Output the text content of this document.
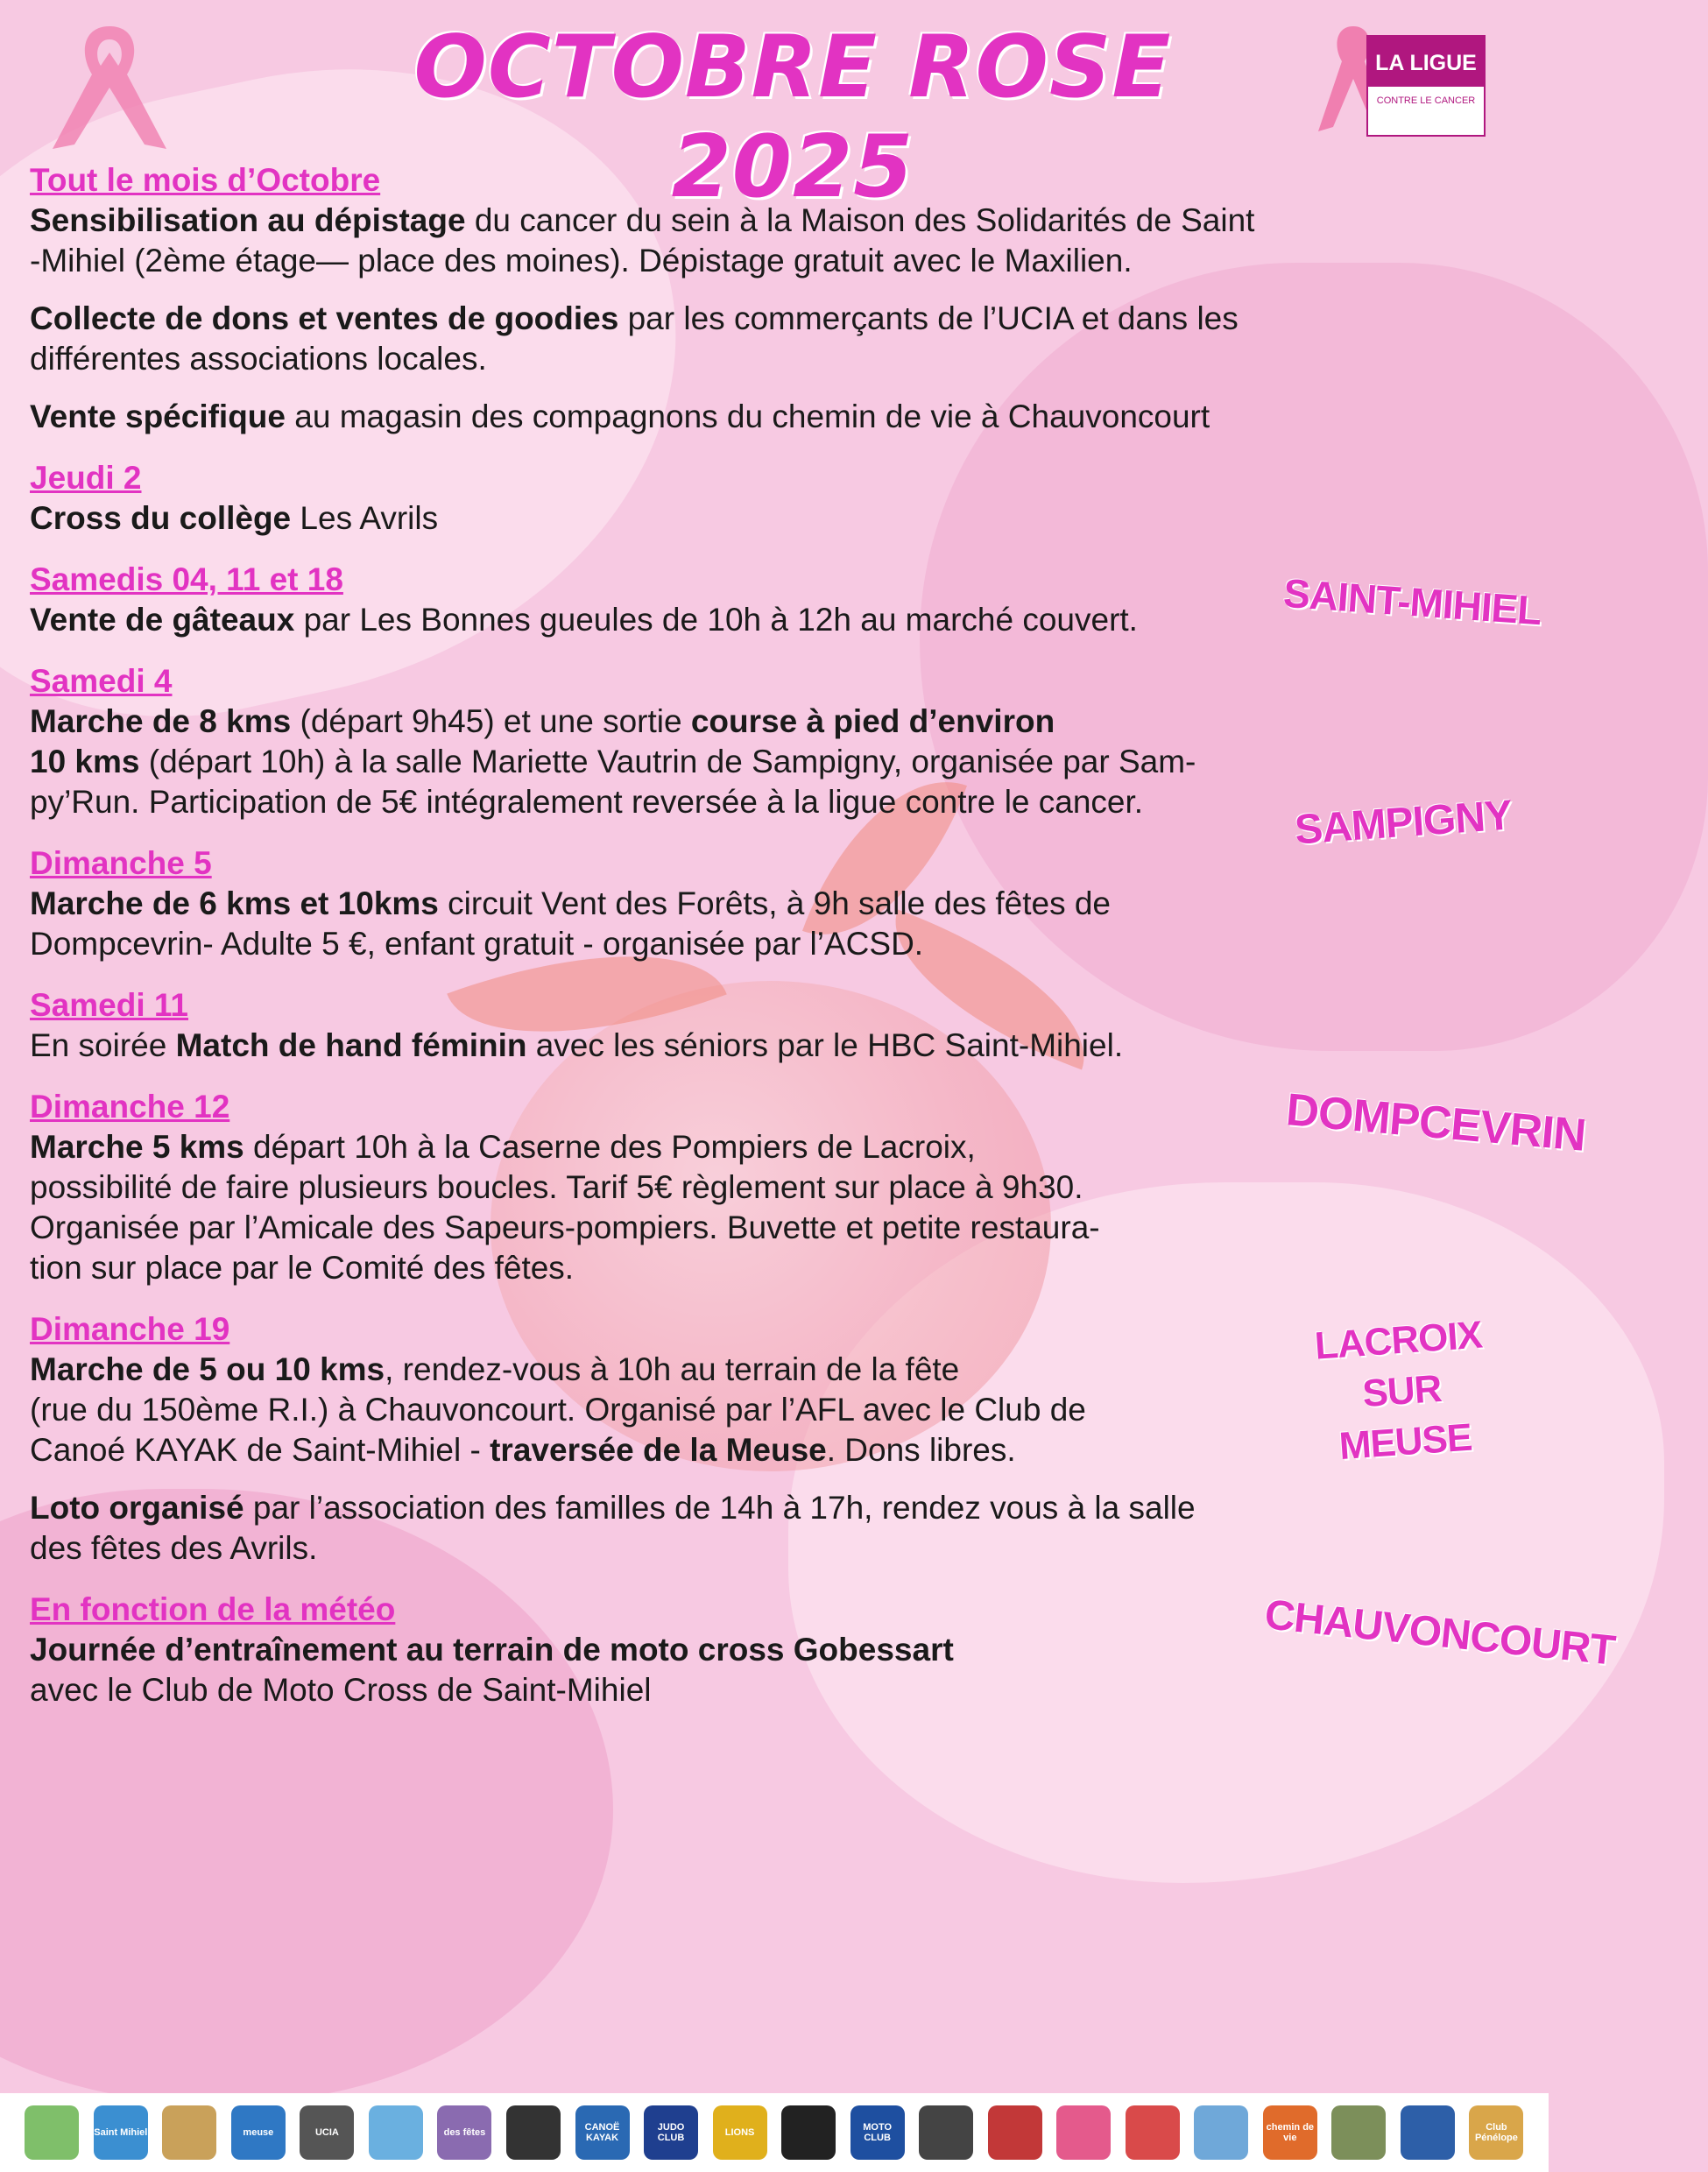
OCTOBRE ROSE 2025
LA LIGUE
CONTRE LE CANCER

Tout le mois d’Octobre

Sensibilisation au dépistage du cancer du sein à la Maison des Solidarités de Saint
-Mihiel (2ème étage— place des moines). Dépistage gratuit avec le Maxilien.

Collecte de dons et ventes de goodies par les commerçants de l’UCIA et dans les
différentes associations locales.

Vente spécifique au magasin des compagnons du chemin de vie à Chauvoncourt

Jeudi 2

Cross du collège Les Avrils

Samedis 04, 11 et 18

Vente de gâteaux par Les Bonnes gueules de 10h à 12h au marché couvert.

Samedi 4

Marche de 8 kms (départ 9h45) et une sortie course à pied d’environ
10 kms (départ 10h) à la salle Mariette Vautrin de Sampigny, organisée par Sam-
py’Run. Participation de 5€ intégralement reversée à la ligue contre le cancer.

Dimanche 5

Marche de 6 kms et 10kms circuit Vent des Forêts, à 9h salle des fêtes de
Dompcevrin- Adulte 5 €, enfant gratuit - organisée par l’ACSD.

Samedi 11

En soirée Match de hand féminin avec les séniors par le HBC Saint-Mihiel.

Dimanche 12

Marche 5 kms départ 10h à la Caserne des Pompiers de Lacroix,
possibilité de faire plusieurs boucles. Tarif 5€ règlement sur place à 9h30.
Organisée par l’Amicale des Sapeurs-pompiers. Buvette et petite restaura-
tion sur place par le Comité des fêtes.

Dimanche 19

Marche de 5 ou 10 kms, rendez-vous à 10h au terrain de la fête
(rue du 150ème R.I.) à Chauvoncourt. Organisé par l’AFL avec le Club de
Canoé KAYAK de Saint-Mihiel - traversée de la Meuse. Dons libres.

Loto organisé par l’association des familles de 14h à 17h, rendez vous à la salle
des fêtes des Avrils.

En fonction de la météo

Journée d’entraînement au terrain de moto cross Gobessart
avec le Club de Moto Cross de Saint-Mihiel

SAINT-MIHIEL
SAMPIGNY
DOMPCEVRIN
LACROIX
SUR
MEUSE
CHAUVONCOURT
Saint Mihiel	meuse	UCIA	des fêtes	CANOË KAYAK
JUDO CLUB	LIONS	MOTO CLUB
chemin de vie
Club Pénélope
